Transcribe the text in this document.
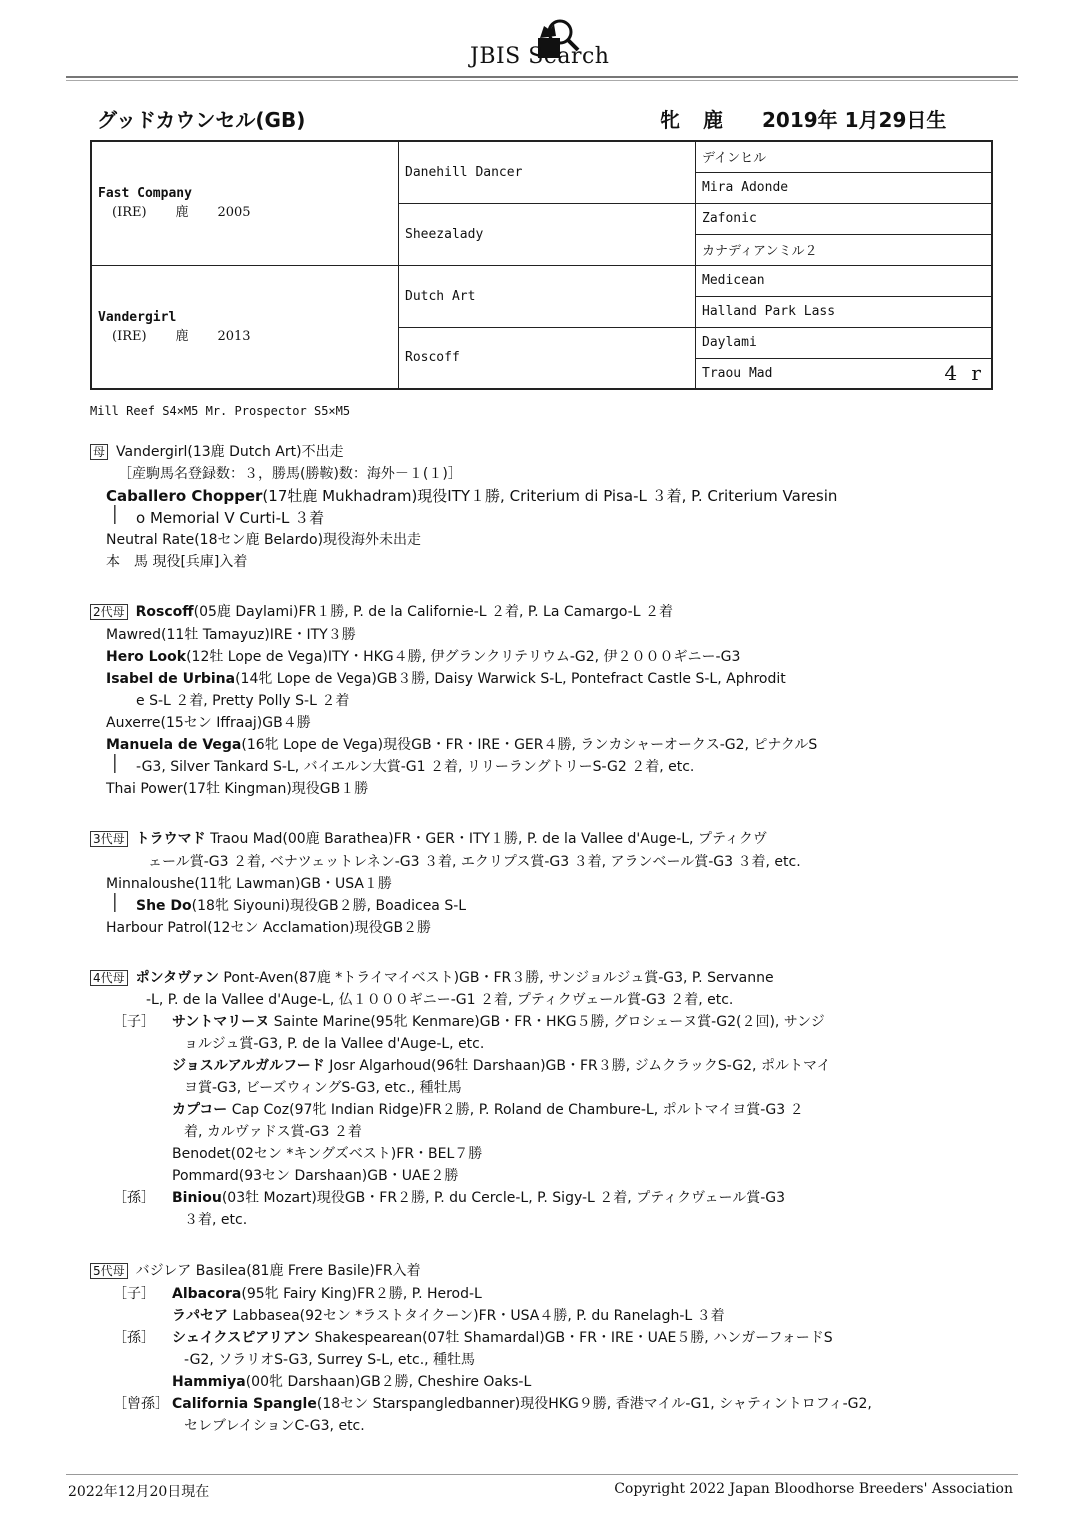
JBIS Search
グッドカウンセル(GB)	牝 鹿 2019年 1月29日生
Fast Company
(IRE) 鹿 2005	Danehill Dancer	デインヒル
		Mira Adonde
	Sheezalady	Zafonic
		カナディアンミル２

Vandergirl
(IRE) 鹿 2013	Dutch Art	Medicean
		Halland Park Lass
	Roscoff	Daylami
		Traou Mad 4 r
Mill Reef S4×M5 Mr. Prospector S5×M5
母 Vandergirl(13鹿 Dutch Art)不出走
［産駒馬名登録数：３，勝馬(勝鞍)数：海外－１(１)］
Caballero Chopper(17牡鹿 Mukhadram)現役ITY１勝, Criterium di Pisa-L ３着, P. Criterium Varesin
│ o Memorial V Curti-L ３着
Neutral Rate(18セン鹿 Belardo)現役海外未出走
本　馬 現役[兵庫]入着
2代母 Roscoff(05鹿 Daylami)FR１勝, P. de la Californie-L ２着, P. La Camargo-L ２着
Mawred(11牡 Tamayuz)IRE・ITY３勝
Hero Look(12牡 Lope de Vega)ITY・HKG４勝, 伊グランクリテリウム-G2, 伊２０００ギニー-G3
Isabel de Urbina(14牝 Lope de Vega)GB３勝, Daisy Warwick S-L, Pontefract Castle S-L, Aphrodit
e S-L ２着, Pretty Polly S-L ２着
Auxerre(15セン Iffraaj)GB４勝
Manuela de Vega(16牝 Lope de Vega)現役GB・FR・IRE・GER４勝, ランカシャーオークス-G2, ピナクルS
│ -G3, Silver Tankard S-L, バイエルン大賞-G1 ２着, リリーラングトリーS-G2 ２着, etc.
Thai Power(17牡 Kingman)現役GB１勝
3代母 トラウマド Traou Mad(00鹿 Barathea)FR・GER・ITY１勝, P. de la Vallee d'Auge-L, プティクヴ
ェール賞-G3 ２着, ベナツェットレネン-G3 ３着, エクリプス賞-G3 ３着, アランベール賞-G3 ３着, etc.
Minnaloushe(11牝 Lawman)GB・USA１勝
│ She Do(18牝 Siyouni)現役GB２勝, Boadicea S-L
Harbour Patrol(12セン Acclamation)現役GB２勝
4代母 ポンタヴァン Pont-Aven(87鹿 *トライマイベスト)GB・FR３勝, サンジョルジュ賞-G3, P. Servanne
-L, P. de la Vallee d'Auge-L, 仏１０００ギニー-G1 ２着, プティクヴェール賞-G3 ２着, etc.
［子］ サントマリーヌ Sainte Marine(95牝 Kenmare)GB・FR・HKG５勝, グロシェーヌ賞-G2(２回), サンジ
ョルジュ賞-G3, P. de la Vallee d'Auge-L, etc.
ジョスルアルガルフード Josr Algarhoud(96牡 Darshaan)GB・FR３勝, ジムクラックS-G2, ポルトマイ
ヨ賞-G3, ビーズウィングS-G3, etc., 種牡馬
カプコー Cap Coz(97牝 Indian Ridge)FR２勝, P. Roland de Chambure-L, ポルトマイヨ賞-G3 ２
着, カルヴァドス賞-G3 ２着
Benodet(02セン *キングズベスト)FR・BEL７勝
Pommard(93セン Darshaan)GB・UAE２勝
［孫］ Biniou(03牡 Mozart)現役GB・FR２勝, P. du Cercle-L, P. Sigy-L ２着, プティクヴェール賞-G3
３着, etc.
5代母 バジレア Basilea(81鹿 Frere Basile)FR入着
［子］ Albacora(95牝 Fairy King)FR２勝, P. Herod-L
ラパセア Labbasea(92セン *ラストタイクーン)FR・USA４勝, P. du Ranelagh-L ３着
［孫］ シェイクスピアリアン Shakespearean(07牡 Shamardal)GB・FR・IRE・UAE５勝, ハンガーフォードS
-G2, ソラリオS-G3, Surrey S-L, etc., 種牡馬
Hammiya(00牝 Darshaan)GB２勝, Cheshire Oaks-L
［曾孫］ California Spangle(18セン Starspangledbanner)現役HKG９勝, 香港マイル-G1, シャティントロフィ-G2,
セレブレイションC-G3, etc.
2022年12月20日現在	Copyright 2022 Japan Bloodhorse Breeders' Association
